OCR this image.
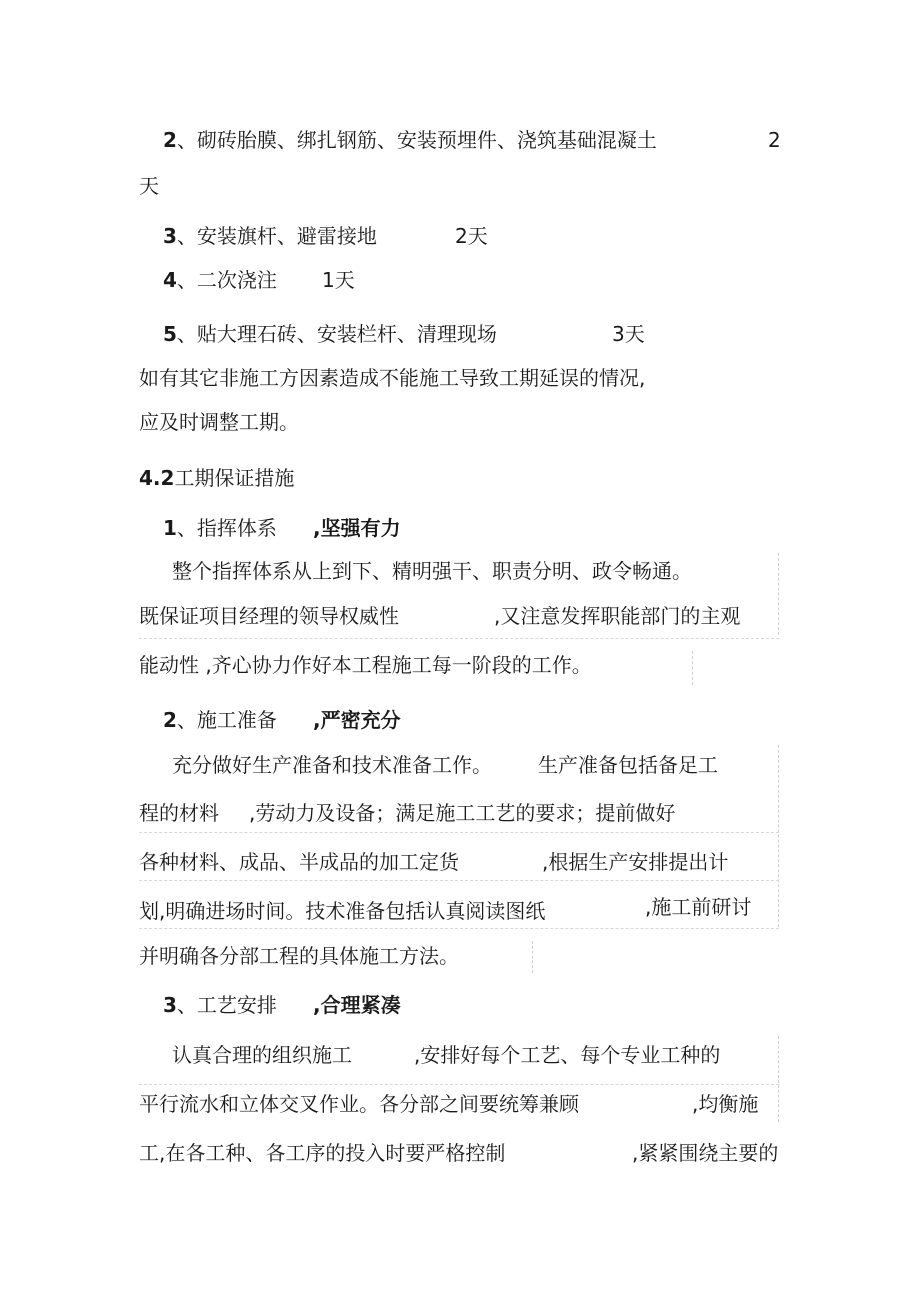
2、砌砖胎膜、绑扎钢筋、安装预埋件、浇筑基础混凝土	2
天
3、安装旗杆、避雷接地	2天
4、二次浇注 1天
5、贴大理石砖、安装栏杆、清理现场	3天
如有其它非施工方因素造成不能施工导致工期延误的情况,
应及时调整工期。
4.2工期保证措施
1、指挥体系 ,坚强有力
整个指挥体系从上到下、精明强干、职责分明、政令畅通。
既保证项目经理的领导权威性	,又注意发挥职能部门的主观
能动性 ,齐心协力作好本工程施工每一阶段的工作。
2、施工准备 ,严密充分
充分做好生产准备和技术准备工作。 生产准备包括备足工
程的材料 ,劳动力及设备；满足施工工艺的要求；提前做好
各种材料、成品、半成品的加工定货	,根据生产安排提出计
划,明确进场时间。技术准备包括认真阅读图纸	,施工前研讨
并明确各分部工程的具体施工方法。
3、工艺安排 ,合理紧凑
认真合理的组织施工	,安排好每个工艺、每个专业工种的
平行流水和立体交叉作业。各分部之间要统筹兼顾	,均衡施
工,在各工种、各工序的投入时要严格控制	,紧紧围绕主要的
